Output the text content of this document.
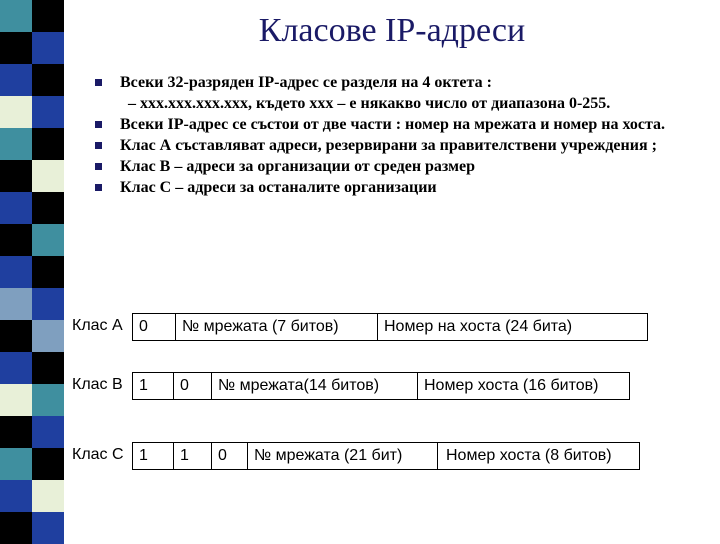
Класове IP-адреси
Всеки 32-разряден IP-адрес се разделя на 4 октета :
– xxx.xxx.xxx.xxx, където xxx – е някакво число от диапазона 0-255.
Всеки IP-адрес се състои от две части : номер на мрежата и номер на хоста.
Клас А съставляват адреси, резервирани за правителствени учреждения ;
Клас В – адреси за организации от среден размер
Клас С – адреси за останалите организации
Клас А	0	№ мрежата (7 битов)	Номер на хоста (24 бита)
Клас В	1	0	№ мрежата(14 битов)	Номер хоста (16 битов)
Клас С 1	1	0	№ мрежата (21 бит)	Номер хоста (8 битов)
